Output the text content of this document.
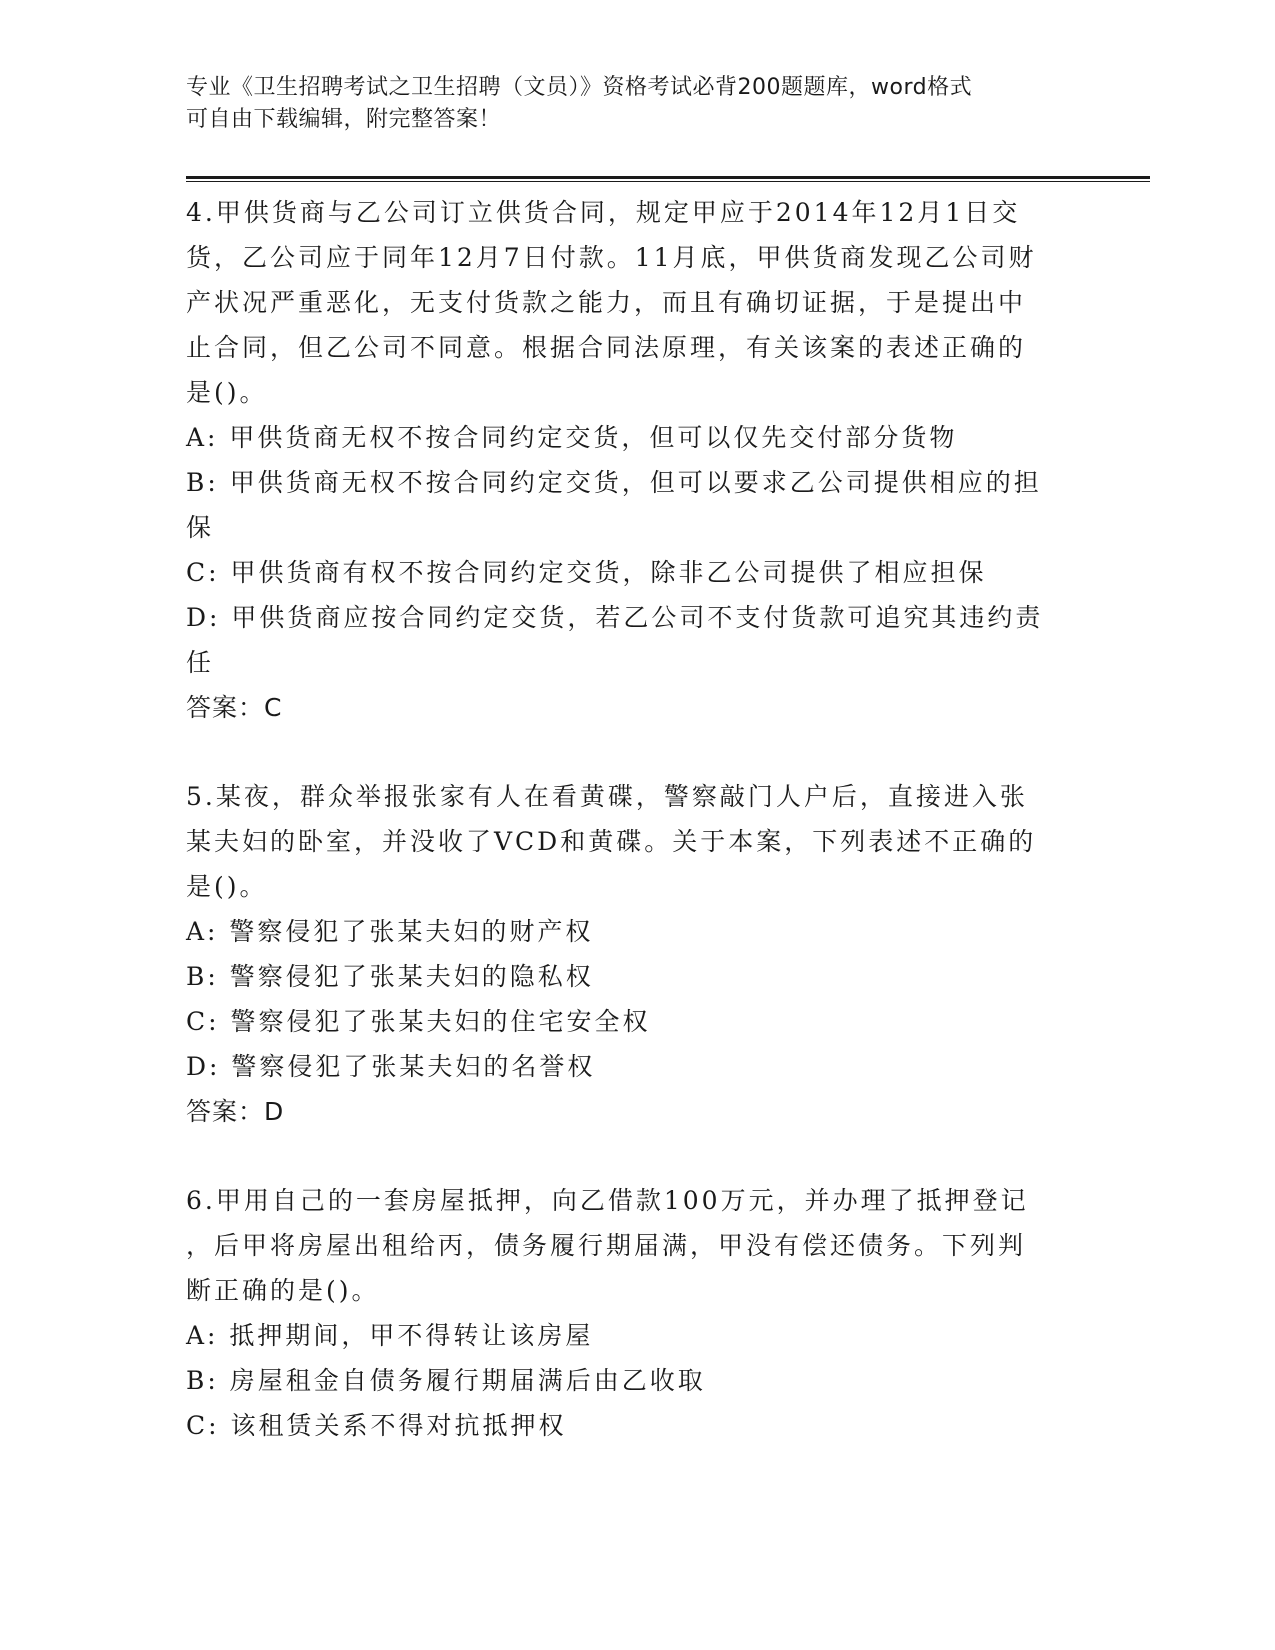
专业《卫生招聘考试之卫生招聘（文员）》资格考试必背200题题库，word格式
可自由下载编辑，附完整答案！

4.甲供货商与乙公司订立供货合同，规定甲应于2014年12月1日交

货，乙公司应于同年12月7日付款。11月底，甲供货商发现乙公司财

产状况严重恶化，无支付货款之能力，而且有确切证据，于是提出中

止合同，但乙公司不同意。根据合同法原理，有关该案的表述正确的

是()。

A: 甲供货商无权不按合同约定交货，但可以仅先交付部分货物

B: 甲供货商无权不按合同约定交货，但可以要求乙公司提供相应的担
保

C: 甲供货商有权不按合同约定交货，除非乙公司提供了相应担保

D: 甲供货商应按合同约定交货，若乙公司不支付货款可追究其违约责
任

答案：C

5.某夜，群众举报张家有人在看黄碟，警察敲门人户后，直接进入张

某夫妇的卧室，并没收了VCD和黄碟。关于本案，下列表述不正确的

是()。

A: 警察侵犯了张某夫妇的财产权

B: 警察侵犯了张某夫妇的隐私权

C: 警察侵犯了张某夫妇的住宅安全权

D: 警察侵犯了张某夫妇的名誉权

答案：D

6.甲用自己的一套房屋抵押，向乙借款100万元，并办理了抵押登记

，后甲将房屋出租给丙，债务履行期届满，甲没有偿还债务。下列判

断正确的是()。

A: 抵押期间，甲不得转让该房屋

B: 房屋租金自债务履行期届满后由乙收取

C: 该租赁关系不得对抗抵押权
